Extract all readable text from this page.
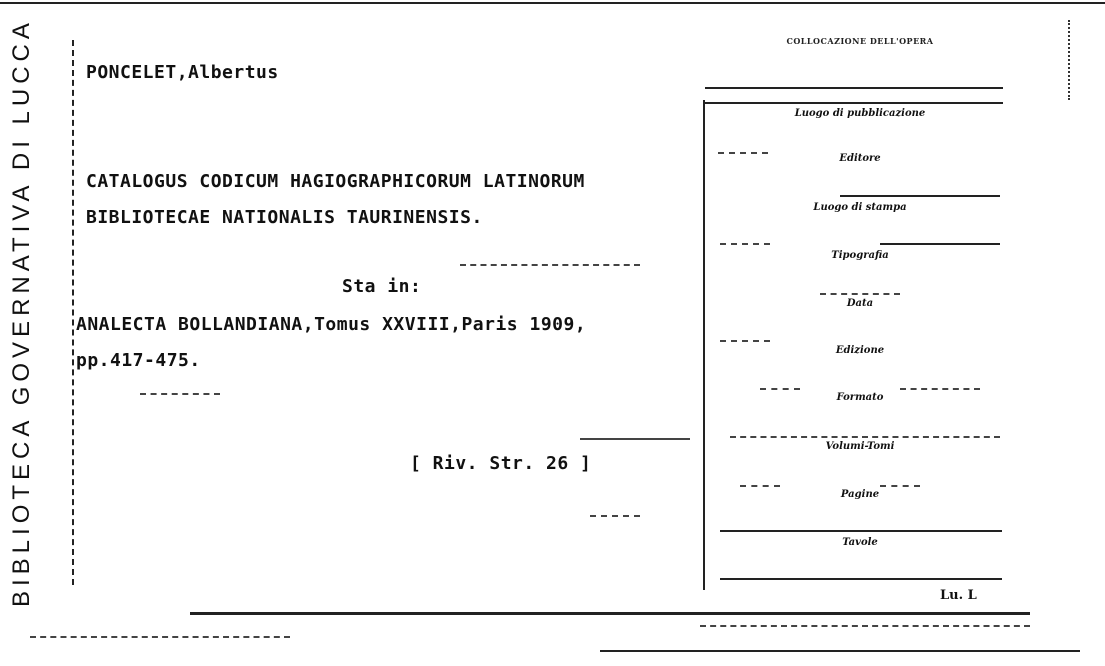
BIBLIOTECA GOVERNATIVA DI LUCCA	PONCELET,Albertus
CATALOGUS CODICUM HAGIOGRAPHICORUM LATINORUM
BIBLIOTECAE NATIONALIS TAURINENSIS.
Sta in:
ANALECTA BOLLANDIANA,Tomus XXVIII,Paris 1909,
pp.417-475.
[ Riv. Str. 26 ]
COLLOCAZIONE DELL'OPERA
Luogo di pubblicazione
Editore
Luogo di stampa
Tipografia
Data
Edizione
Formato
Volumi-Tomi
Pagine
Tavole
Lu. L
